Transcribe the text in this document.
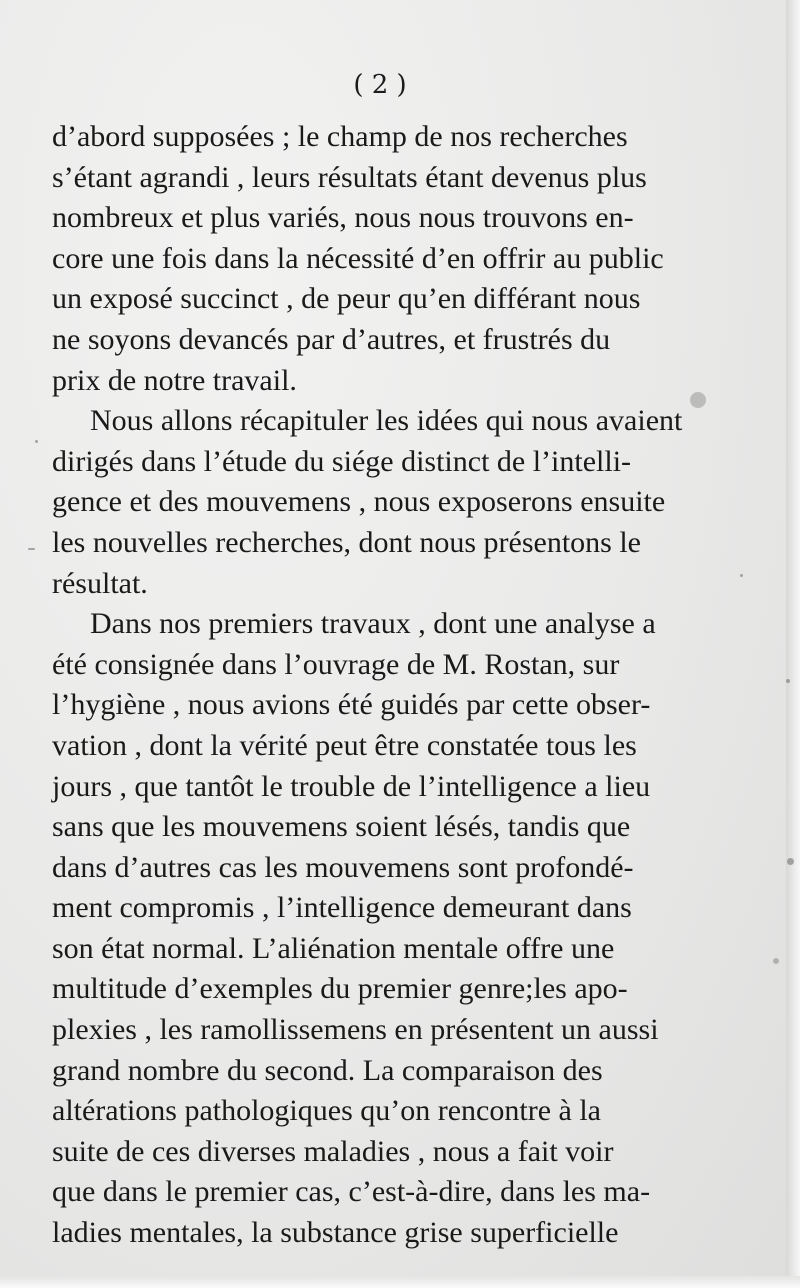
( 2 )
d’abord supposées ; le champ de nos recherches
s’étant agrandi , leurs résultats étant devenus plus
nombreux et plus variés, nous nous trouvons en-
core une fois dans la nécessité d’en offrir au public
un exposé succinct , de peur qu’en différant nous
ne soyons devancés par d’autres, et frustrés du
prix de notre travail.
Nous allons récapituler les idées qui nous avaient
dirigés dans l’étude du siége distinct de l’intelli-
gence et des mouvemens , nous exposerons ensuite
les nouvelles recherches, dont nous présentons le
résultat.
Dans nos premiers travaux , dont une analyse a
été consignée dans l’ouvrage de M. Rostan, sur
l’hygiène , nous avions été guidés par cette obser-
vation , dont la vérité peut être constatée tous les
jours , que tantôt le trouble de l’intelligence a lieu
sans que les mouvemens soient lésés, tandis que
dans d’autres cas les mouvemens sont profondé-
ment compromis , l’intelligence demeurant dans
son état normal. L’aliénation mentale offre une
multitude d’exemples du premier genre;les apo-
plexies , les ramollissemens en présentent un aussi
grand nombre du second. La comparaison des
altérations pathologiques qu’on rencontre à la
suite de ces diverses maladies , nous a fait voir
que dans le premier cas, c’est-à-dire, dans les ma-
ladies mentales, la substance grise superficielle
